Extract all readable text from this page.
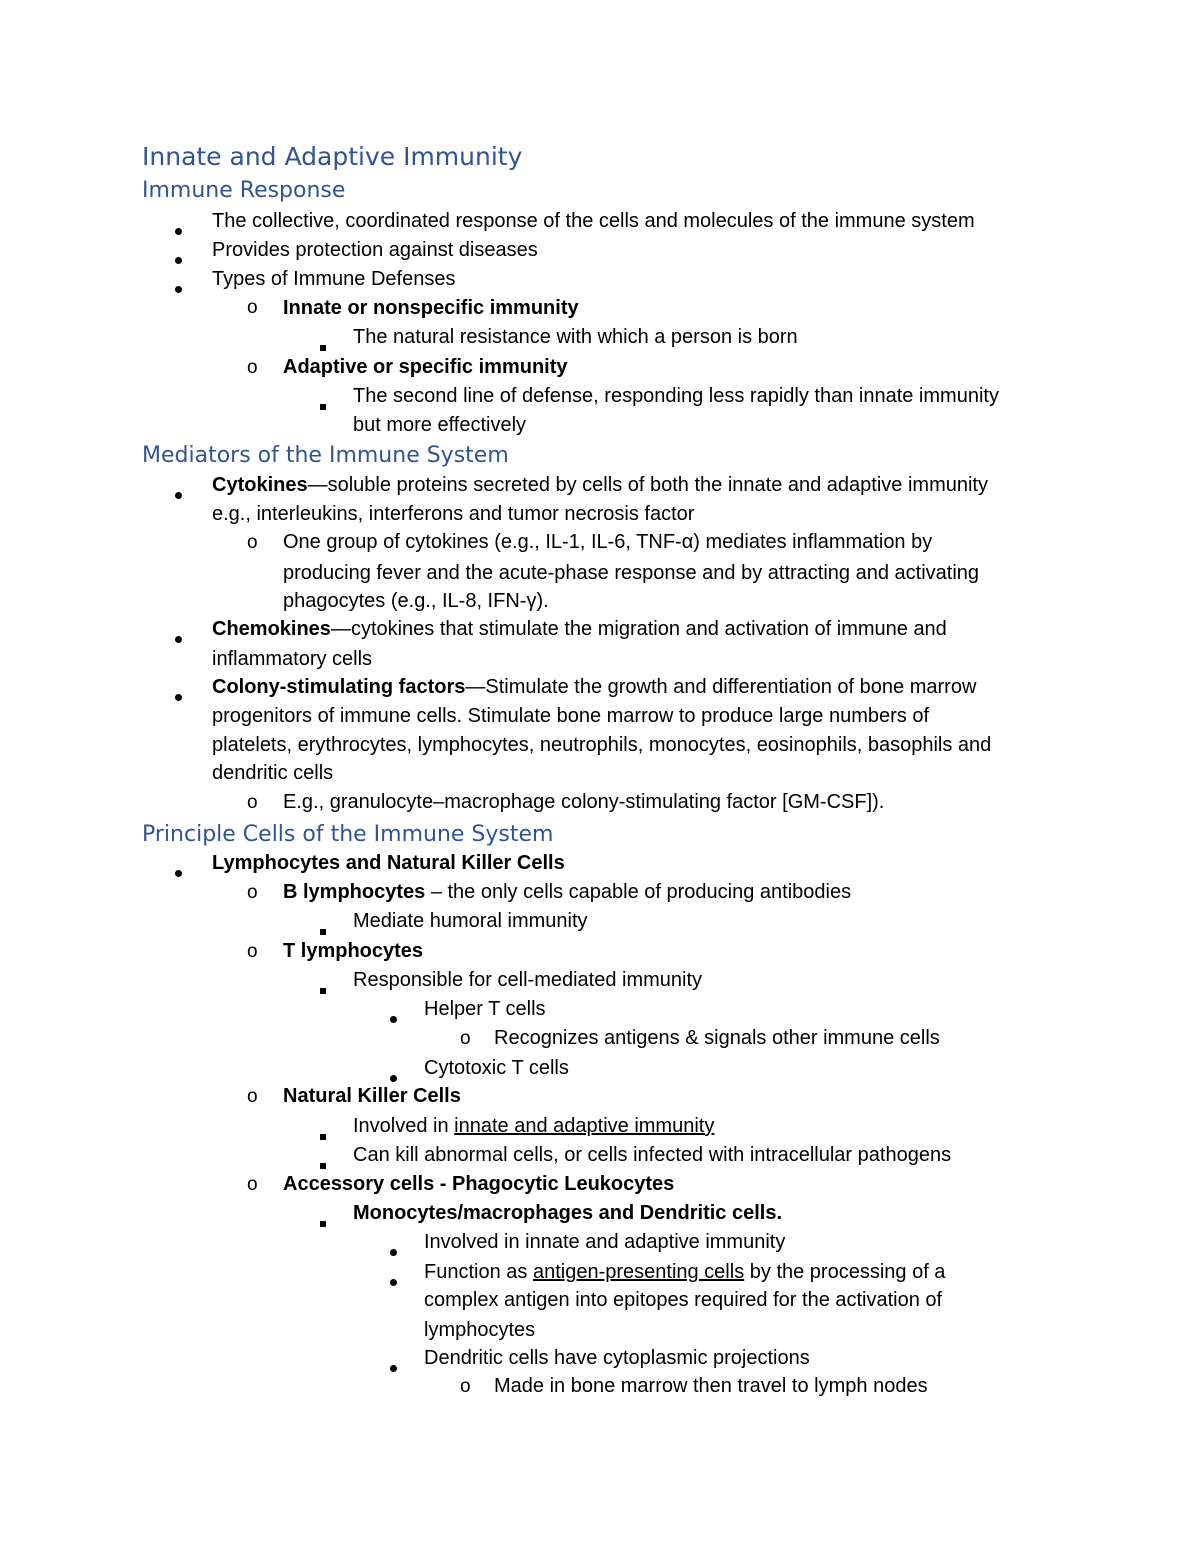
Innate and Adaptive Immunity
Immune Response
The collective, coordinated response of the cells and molecules of the immune system
Provides protection against diseases
Types of Immune Defenses
o Innate or nonspecific immunity
The natural resistance with which a person is born
o Adaptive or specific immunity
The second line of defense, responding less rapidly than innate immunity
but more effectively
Mediators of the Immune System
Cytokines—soluble proteins secreted by cells of both the innate and adaptive immunity
e.g., interleukins, interferons and tumor necrosis factor
o One group of cytokines (e.g., IL-1, IL-6, TNF-α) mediates inflammation by
producing fever and the acute-phase response and by attracting and activating
phagocytes (e.g., IL-8, IFN-γ).
Chemokines—cytokines that stimulate the migration and activation of immune and
inflammatory cells
Colony-stimulating factors—Stimulate the growth and differentiation of bone marrow
progenitors of immune cells. Stimulate bone marrow to produce large numbers of
platelets, erythrocytes, lymphocytes, neutrophils, monocytes, eosinophils, basophils and
dendritic cells
o E.g., granulocyte–macrophage colony-stimulating factor [GM-CSF]).
Principle Cells of the Immune System
Lymphocytes and Natural Killer Cells
o B lymphocytes – the only cells capable of producing antibodies
Mediate humoral immunity
o T lymphocytes
Responsible for cell-mediated immunity
Helper T cells
o Recognizes antigens & signals other immune cells
Cytotoxic T cells
o Natural Killer Cells
Involved in innate and adaptive immunity
Can kill abnormal cells, or cells infected with intracellular pathogens
o Accessory cells - Phagocytic Leukocytes
Monocytes/macrophages and Dendritic cells.
Involved in innate and adaptive immunity
Function as antigen-presenting cells by the processing of a
complex antigen into epitopes required for the activation of
lymphocytes
Dendritic cells have cytoplasmic projections
o Made in bone marrow then travel to lymph nodes
